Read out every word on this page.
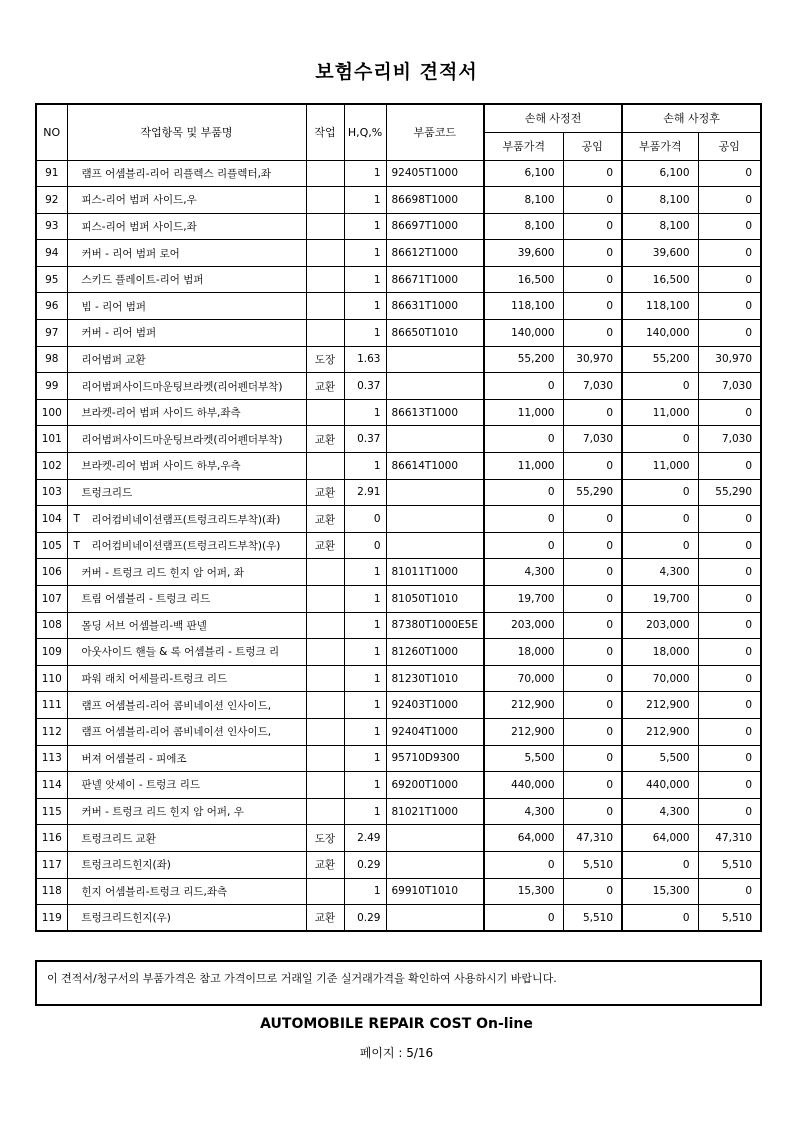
보험수리비 견적서
NO	작업항목 및 부품명	작업	H,Q,%	부품코드	손해 사정전		손해 사정후	
					부품가격	공임	부품가격	공임
91	램프 어셈블리-리어 리플렉스 리플렉터,좌		1	92405T1000	6,100	0	6,100	0
92	피스-리어 범퍼 사이드,우		1	86698T1000	8,100	0	8,100	0
93	피스-리어 범퍼 사이드,좌		1	86697T1000	8,100	0	8,100	0
94	커버 - 리어 범퍼 로어		1	86612T1000	39,600	0	39,600	0
95	스키드 플레이트-리어 범퍼		1	86671T1000	16,500	0	16,500	0
96	빔 - 리어 범퍼		1	86631T1000	118,100	0	118,100	0
97	커버 - 리어 범퍼		1	86650T1010	140,000	0	140,000	0
98	리어범퍼 교환	도장	1.63		55,200	30,970	55,200	30,970
99	리어범퍼사이드마운팅브라켓(리어펜더부착)	교환	0.37		0	7,030	0	7,030
100	브라켓-리어 범퍼 사이드 하부,좌측		1	86613T1000	11,000	0	11,000	0
101	리어범퍼사이드마운팅브라켓(리어펜더부착)	교환	0.37		0	7,030	0	7,030
102	브라켓-리어 범퍼 사이드 하부,우측		1	86614T1000	11,000	0	11,000	0
103	트렁크리드	교환	2.91		0	55,290	0	55,290
104	T 리어컴비네이션램프(트렁크리드부착)(좌)	교환	0		0	0	0	0
105	T 리어컴비네이션램프(트렁크리드부착)(우)	교환	0		0	0	0	0
106	커버 - 트렁크 리드 힌지 암 어퍼, 좌		1	81011T1000	4,300	0	4,300	0
107	트림 어셈블리 - 트렁크 리드		1	81050T1010	19,700	0	19,700	0
108	몰딩 서브 어셈블리-백 판넬		1	87380T1000E5E	203,000	0	203,000	0
109	아웃사이드 핸들 & 록 어셈블리 - 트렁크 리		1	81260T1000	18,000	0	18,000	0
110	파워 래치 어세믈리-트렁크 리드		1	81230T1010	70,000	0	70,000	0
111	램프 어셈블리-리어 콤비네이션 인사이드,		1	92403T1000	212,900	0	212,900	0
112	램프 어셈블리-리어 콤비네이션 인사이드,		1	92404T1000	212,900	0	212,900	0
113	버져 어셈블리 - 피에조		1	95710D9300	5,500	0	5,500	0
114	판넬 앗세이 - 트렁크 리드		1	69200T1000	440,000	0	440,000	0
115	커버 - 트렁크 리드 힌지 암 어퍼, 우		1	81021T1000	4,300	0	4,300	0
116	트렁크리드 교환	도장	2.49		64,000	47,310	64,000	47,310
117	트렁크리드힌지(좌)	교환	0.29		0	5,510	0	5,510
118	힌지 어셈블리-트렁크 리드,좌측		1	69910T1010	15,300	0	15,300	0
119	트렁크리드힌지(우)	교환	0.29		0	5,510	0	5,510
이 견적서/청구서의 부품가격은 참고 가격이므로 거래일 기준 실거래가격을 확인하여 사용하시기 바랍니다.
AUTOMOBILE REPAIR COST On-line
페이지 : 5/16
